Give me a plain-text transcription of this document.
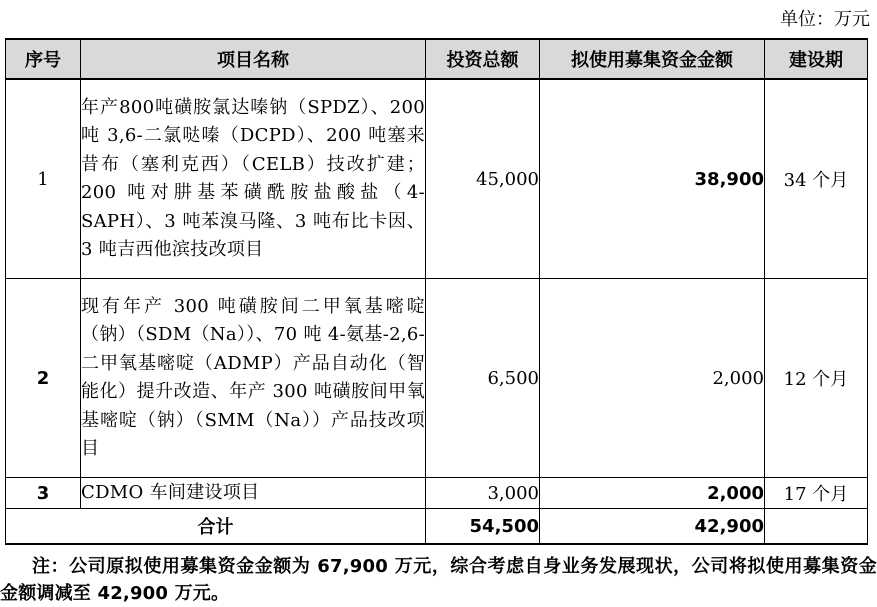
单位：万元
序号	项目名称	投资总额	拟使用募集资金金额	建设期
1	年产800吨磺胺氯达嗪钠（SPDZ）、200 吨 3,6-二氯哒嗪（DCPD）、200 吨塞来昔布（塞利克西）（CELB）技改扩建；200 吨对肼基苯磺酰胺盐酸盐（4-SAPH）、3 吨苯溴马隆、3 吨布比卡因、3 吨吉西他滨技改项目	45,000	38,900	34 个月
2	现有年产 300 吨磺胺间二甲氧基嘧啶（钠）（SDM（Na））、70 吨 4-氨基-2,6-二甲氧基嘧啶（ADMP）产品自动化（智能化）提升改造、年产 300 吨磺胺间甲氧基嘧啶（钠）（SMM（Na））产品技改项目	6,500	2,000	12 个月
3	CDMO 车间建设项目	3,000	2,000	17 个月
合计		54,500	42,900	
注：公司原拟使用募集资金金额为 67,900 万元，综合考虑自身业务发展现状，公司将拟使用募集资金金额调减至 42,900 万元。
